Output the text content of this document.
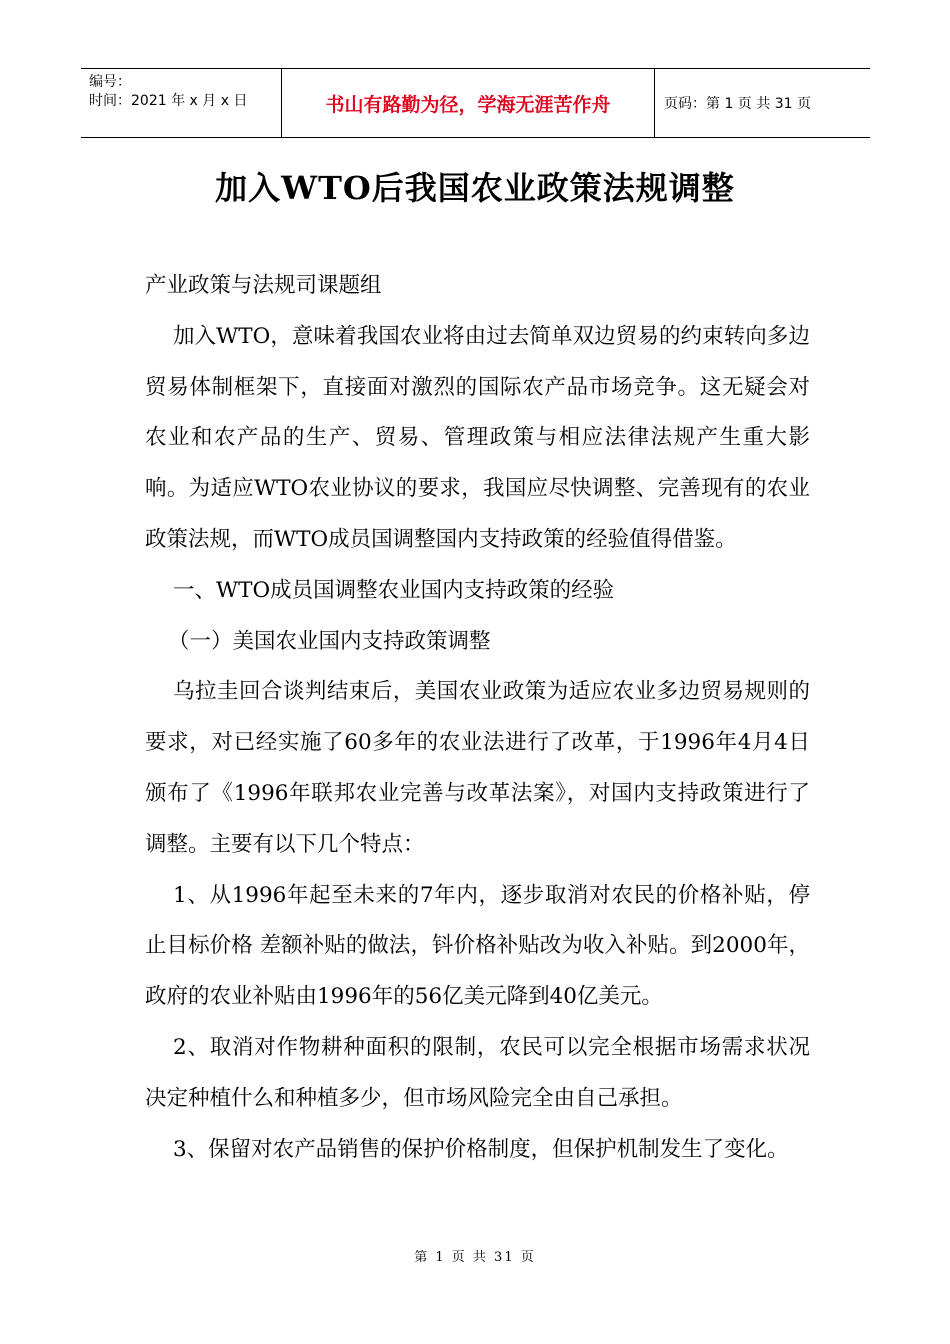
编号：
时间：2021 年 x 月 x 日	书山有路勤为径，学海无涯苦作舟	页码：第 1 页 共 31 页
加入WTO后我国农业政策法规调整

产业政策与法规司课题组

加入WTO，意味着我国农业将由过去简单双边贸易的约束转向多边贸易体制框架下，直接面对激烈的国际农产品市场竞争。这无疑会对农业和农产品的生产、贸易、管理政策与相应法律法规产生重大影响。为适应WTO农业协议的要求，我国应尽快调整、完善现有的农业政策法规，而WTO成员国调整国内支持政策的经验值得借鉴。

一、WTO成员国调整农业国内支持政策的经验

（一）美国农业国内支持政策调整

乌拉圭回合谈判结束后，美国农业政策为适应农业多边贸易规则的要求，对已经实施了60多年的农业法进行了改革，于1996年4月4日颁布了《1996年联邦农业完善与改革法案》，对国内支持政策进行了调整。主要有以下几个特点：

1、从1996年起至未来的7年内，逐步取消对农民的价格补贴，停止目标价格 差额补贴的做法，钭价格补贴改为收入补贴。到2000年，政府的农业补贴由1996年的56亿美元降到40亿美元。

2、取消对作物耕种面积的限制，农民可以完全根据市场需求状况决定种植什么和种植多少，但市场风险完全由自己承担。

3、保留对农产品销售的保护价格制度，但保护机制发生了变化。

第 1 页 共 31 页
